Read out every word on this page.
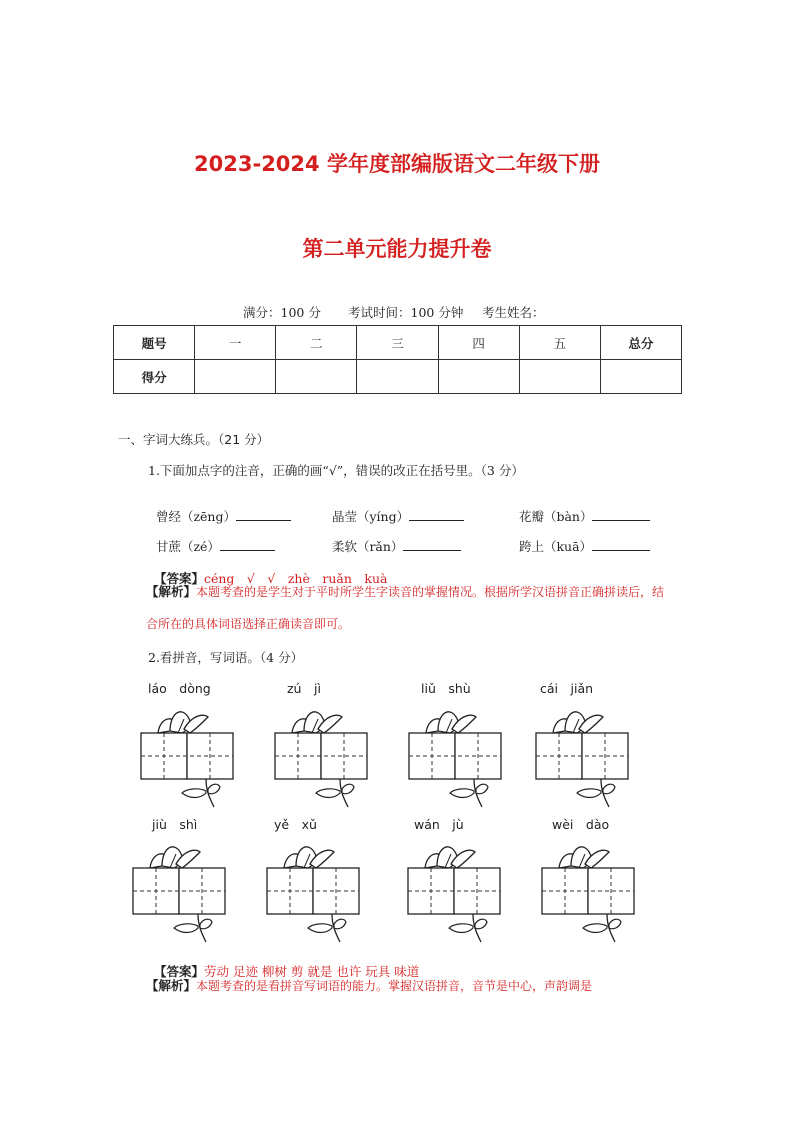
2023-2024 学年度部编版语文二年级下册
第二单元能力提升卷
满分：100 分 考试时间：100 分钟 考生姓名：
题号	一	二	三	四	五	总分
得分						
一、字词大练兵。（21 分）
1.下面加点字的注音，正确的画“√”，错误的改正在括号里。（3 分）

曾经（zēng）	晶莹（yíng）	花瓣（bàn）

甘蔗（zé）	柔软（rǎn）	跨上（kuā）

【答案】céng　√　√　zhè　ruǎn　kuà

【解析】本题考查的是学生对于平时所学生字读音的掌握情况。根据所学汉语拼音正确拼读后，结合所在的具体词语选择正确读音即可。
2.看拼音，写词语。（4 分）
láo　dòng	zú　jì	liǔ　shù	cái　jiǎn
jiù　shì	yě　xǔ	wán　jù	wèi　dào

【答案】劳动 足迹 柳树 剪 就是 也许 玩具 味道

【解析】本题考查的是看拼音写词语的能力。掌握汉语拼音，音节是中心，声韵调是
